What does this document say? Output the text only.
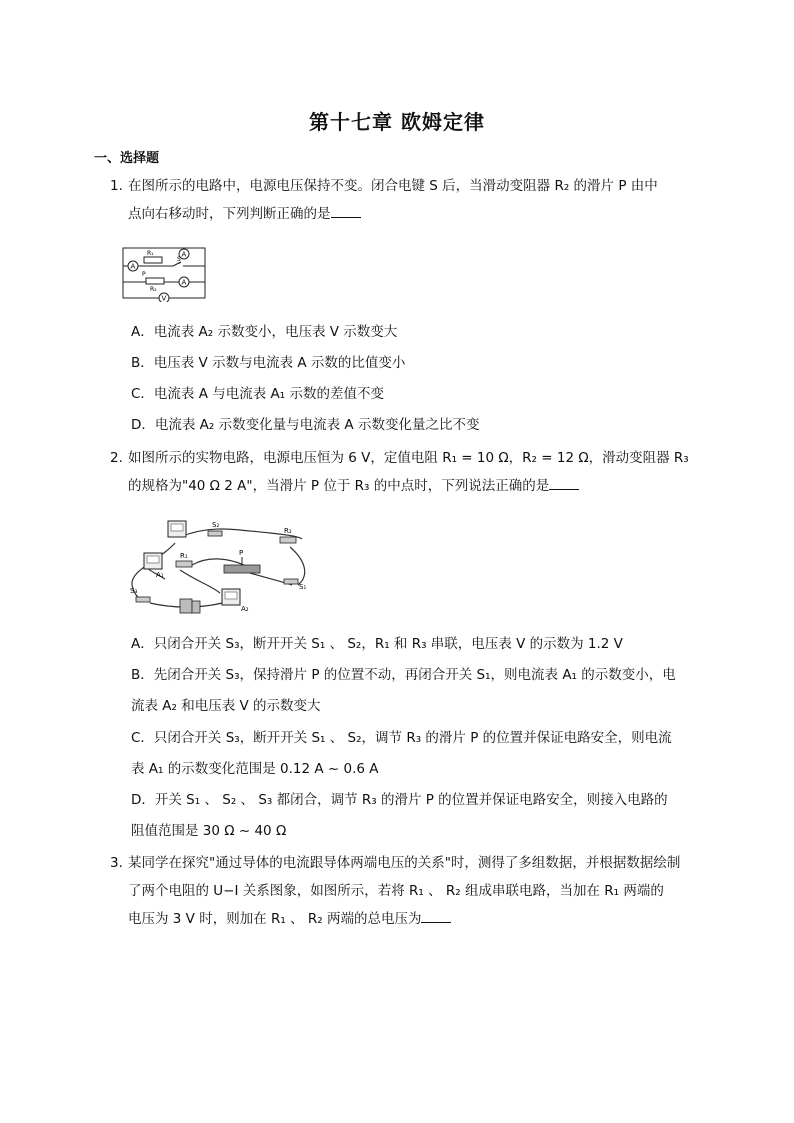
第十七章 欧姆定律
一、选择题
1. 在图所示的电路中，电源电压保持不变。闭合电键 S 后，当滑动变阻器 R₂ 的滑片 P 由中
点向右移动时，下列判断正确的是
R₁	A
A
S
P
R₂
A
V
A．电流表 A₂ 示数变小，电压表 V 示数变大
B．电压表 V 示数与电流表 A 示数的比值变小
C．电流表 A 与电流表 A₁ 示数的差值不变
D．电流表 A₂ 示数变化量与电流表 A 示数变化量之比不变
2. 如图所示的实物电路，电源电压恒为 6 V，定值电阻 R₁ = 10 Ω，R₂ = 12 Ω，滑动变阻器 R₃
的规格为"40 Ω 2 A"，当滑片 P 位于 R₃ 的中点时，下列说法正确的是
A₁
A₂
S₂
R₂
R₁	P
S₁
S₃
A．只闭合开关 S₃，断开开关 S₁ 、 S₂，R₁ 和 R₃ 串联，电压表 V 的示数为 1.2 V
B．先闭合开关 S₃，保持滑片 P 的位置不动，再闭合开关 S₁，则电流表 A₁ 的示数变小，电
流表 A₂ 和电压表 V 的示数变大
C．只闭合开关 S₃，断开开关 S₁ 、 S₂，调节 R₃ 的滑片 P 的位置并保证电路安全，则电流
表 A₁ 的示数变化范围是 0.12 A ~ 0.6 A
D．开关 S₁ 、 S₂ 、 S₃ 都闭合，调节 R₃ 的滑片 P 的位置并保证电路安全，则接入电路的
阻值范围是 30 Ω ~ 40 Ω
3. 某同学在探究"通过导体的电流跟导体两端电压的关系"时，测得了多组数据，并根据数据绘制
了两个电阻的 U−I 关系图象，如图所示，若将 R₁ 、 R₂ 组成串联电路，当加在 R₁ 两端的
电压为 3 V 时，则加在 R₁ 、 R₂ 两端的总电压为
